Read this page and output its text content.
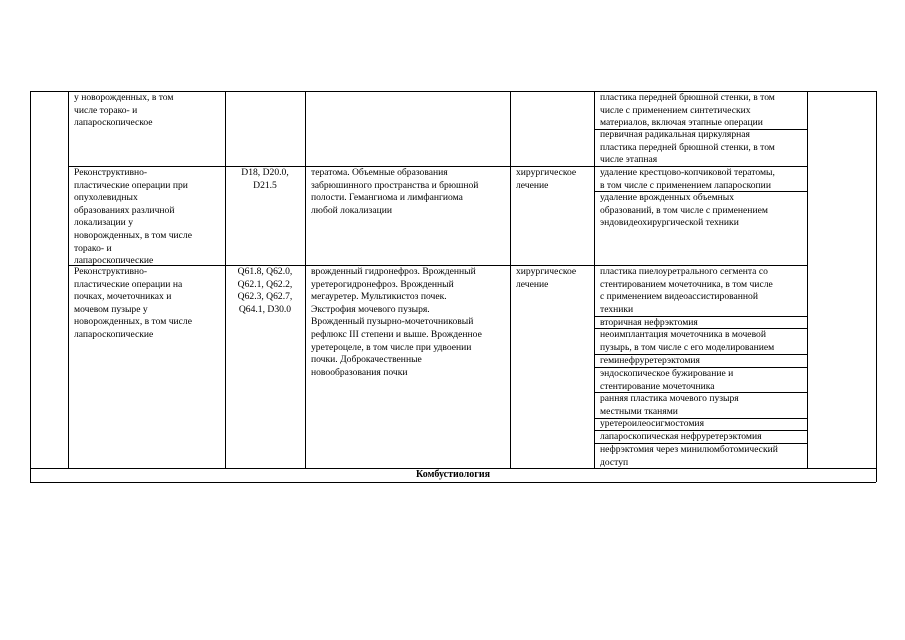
у новорожденных, в том
числе торако- и
лапароскопическое
пластика передней брюшной стенки, в том
числе с применением синтетических
материалов, включая этапные операции
первичная радикальная циркулярная
пластика передней брюшной стенки, в том
числе этапная
Реконструктивно-
пластические операции при
опухолевидных
образованиях различной
локализации у
новорожденных, в том числе
торако- и
лапароскопические
D18, D20.0,
D21.5
тератома. Объемные образования
забрюшинного пространства и брюшной
полости. Гемангиома и лимфангиома
любой локализации
хирургическое
лечение
удаление крестцово-копчиковой тератомы,
в том числе с применением лапароскопии
удаление врожденных объемных
образований, в том числе с применением
эндовидеохирургической техники
Реконструктивно-
пластические операции на
почках, мочеточниках и
мочевом пузыре у
новорожденных, в том числе
лапароскопические
Q61.8, Q62.0,
Q62.1, Q62.2,
Q62.3, Q62.7,
Q64.1, D30.0
врожденный гидронефроз. Врожденный
уретерогидронефроз. Врожденный
мегауретер. Мультикистоз почек.
Экстрофия мочевого пузыря.
Врожденный пузырно-мочеточниковый
рефлюкс III степени и выше. Врожденное
уретероцеле, в том числе при удвоении
почки. Доброкачественные
новообразования почки
хирургическое
лечение
пластика пиелоуретрального сегмента со
стентированием мочеточника, в том числе
с применением видеоассистированной
техники
вторичная нефрэктомия
неоимплантация мочеточника в мочевой
пузырь, в том числе с его моделированием
геминефруретерэктомия
эндоскопическое бужирование и
стентирование мочеточника
ранняя пластика мочевого пузыря
местными тканями
уретероилеосигмостомия
лапароскопическая нефруретерэктомия
нефрэктомия через минилюмботомический
доступ
Комбустиология
